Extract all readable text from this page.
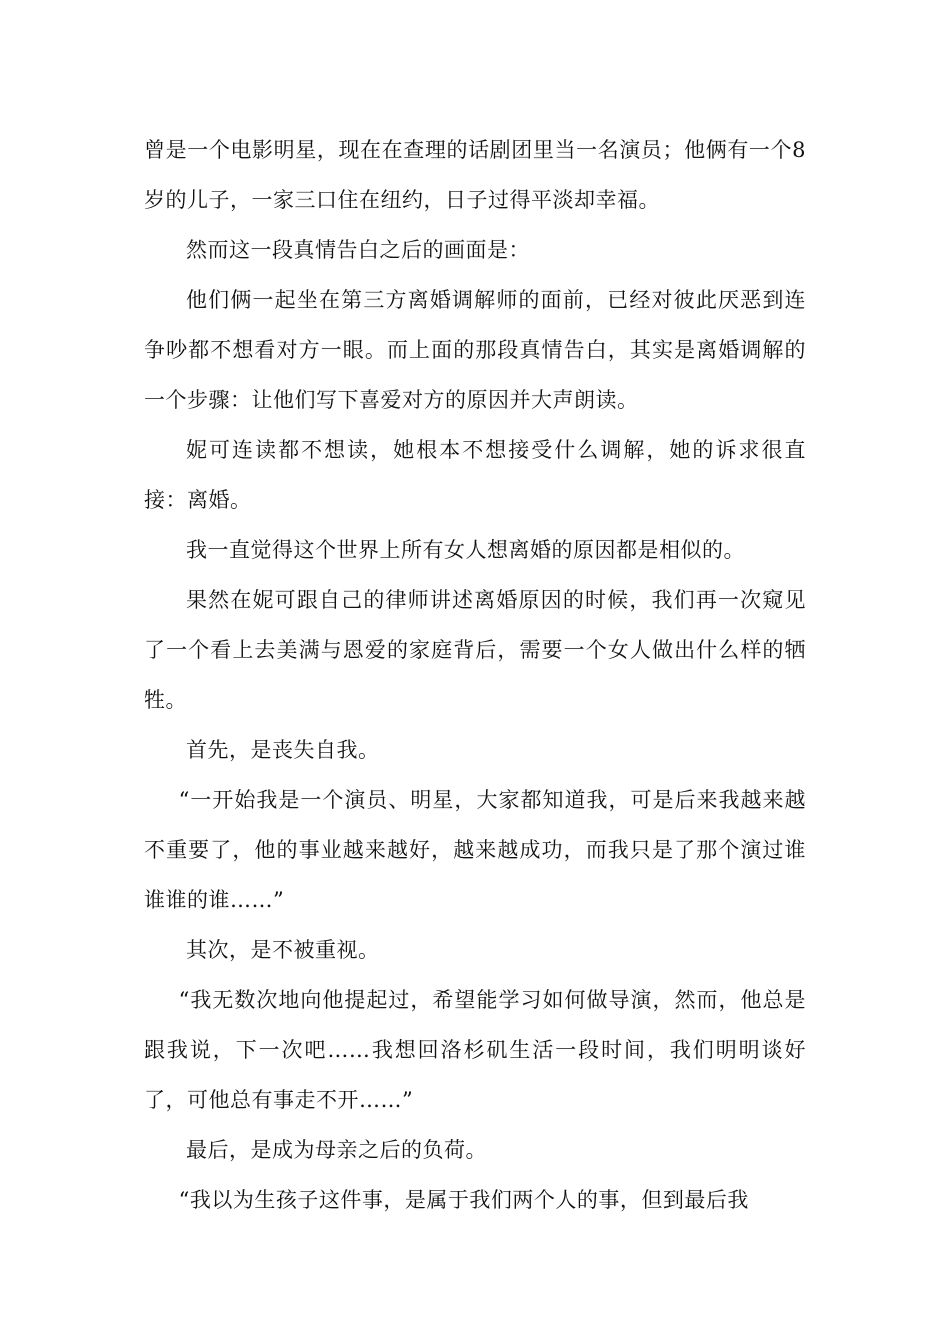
曾是一个电影明星，现在在查理的话剧团里当一名演员；他俩有一个8岁的儿子，一家三口住在纽约，日子过得平淡却幸福。

然而这一段真情告白之后的画面是：

他们俩一起坐在第三方离婚调解师的面前，已经对彼此厌恶到连争吵都不想看对方一眼。而上面的那段真情告白，其实是离婚调解的一个步骤：让他们写下喜爱对方的原因并大声朗读。

妮可连读都不想读，她根本不想接受什么调解，她的诉求很直接：离婚。

我一直觉得这个世界上所有女人想离婚的原因都是相似的。

果然在妮可跟自己的律师讲述离婚原因的时候，我们再一次窥见了一个看上去美满与恩爱的家庭背后，需要一个女人做出什么样的牺牲。

首先，是丧失自我。

“一开始我是一个演员、明星，大家都知道我，可是后来我越来越不重要了，他的事业越来越好，越来越成功，而我只是了那个演过谁谁谁的谁……”

其次，是不被重视。

“我无数次地向他提起过，希望能学习如何做导演，然而，他总是跟我说，下一次吧……我想回洛杉矶生活一段时间，我们明明谈好了，可他总有事走不开……”

最后，是成为母亲之后的负荷。

“我以为生孩子这件事，是属于我们两个人的事，但到最后我
